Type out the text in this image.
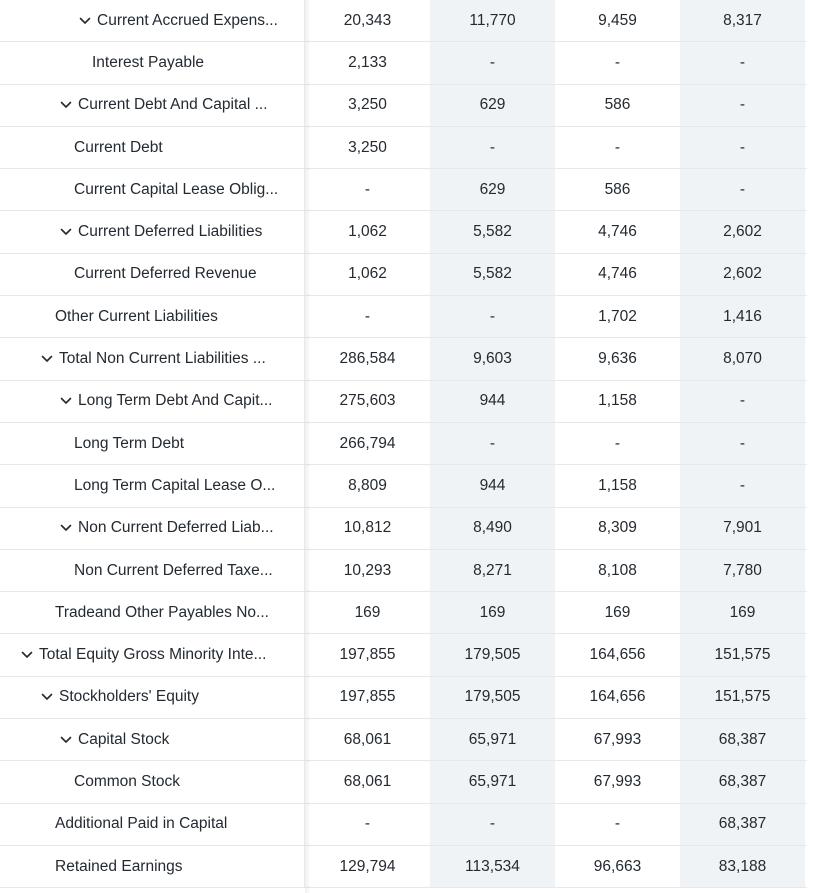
Current Accrued Expens...	20,343	11,770	9,459	8,317
Interest Payable	2,133	-	-	-
Current Debt And Capital ...	3,250	629	586	-
Current Debt	3,250	-	-	-
Current Capital Lease Oblig...	-	629	586	-
Current Deferred Liabilities	1,062	5,582	4,746	2,602
Current Deferred Revenue	1,062	5,582	4,746	2,602
Other Current Liabilities	-	-	1,702	1,416
Total Non Current Liabilities ...	286,584	9,603	9,636	8,070
Long Term Debt And Capit...	275,603	944	1,158	-
Long Term Debt	266,794	-	-	-
Long Term Capital Lease O...	8,809	944	1,158	-
Non Current Deferred Liab...	10,812	8,490	8,309	7,901
Non Current Deferred Taxe...	10,293	8,271	8,108	7,780
Tradeand Other Payables No...	169	169	169	169
Total Equity Gross Minority Inte...	197,855	179,505	164,656	151,575
Stockholders' Equity	197,855	179,505	164,656	151,575
Capital Stock	68,061	65,971	67,993	68,387
Common Stock	68,061	65,971	67,993	68,387
Additional Paid in Capital	-	-	-	68,387
Retained Earnings	129,794	113,534	96,663	83,188
